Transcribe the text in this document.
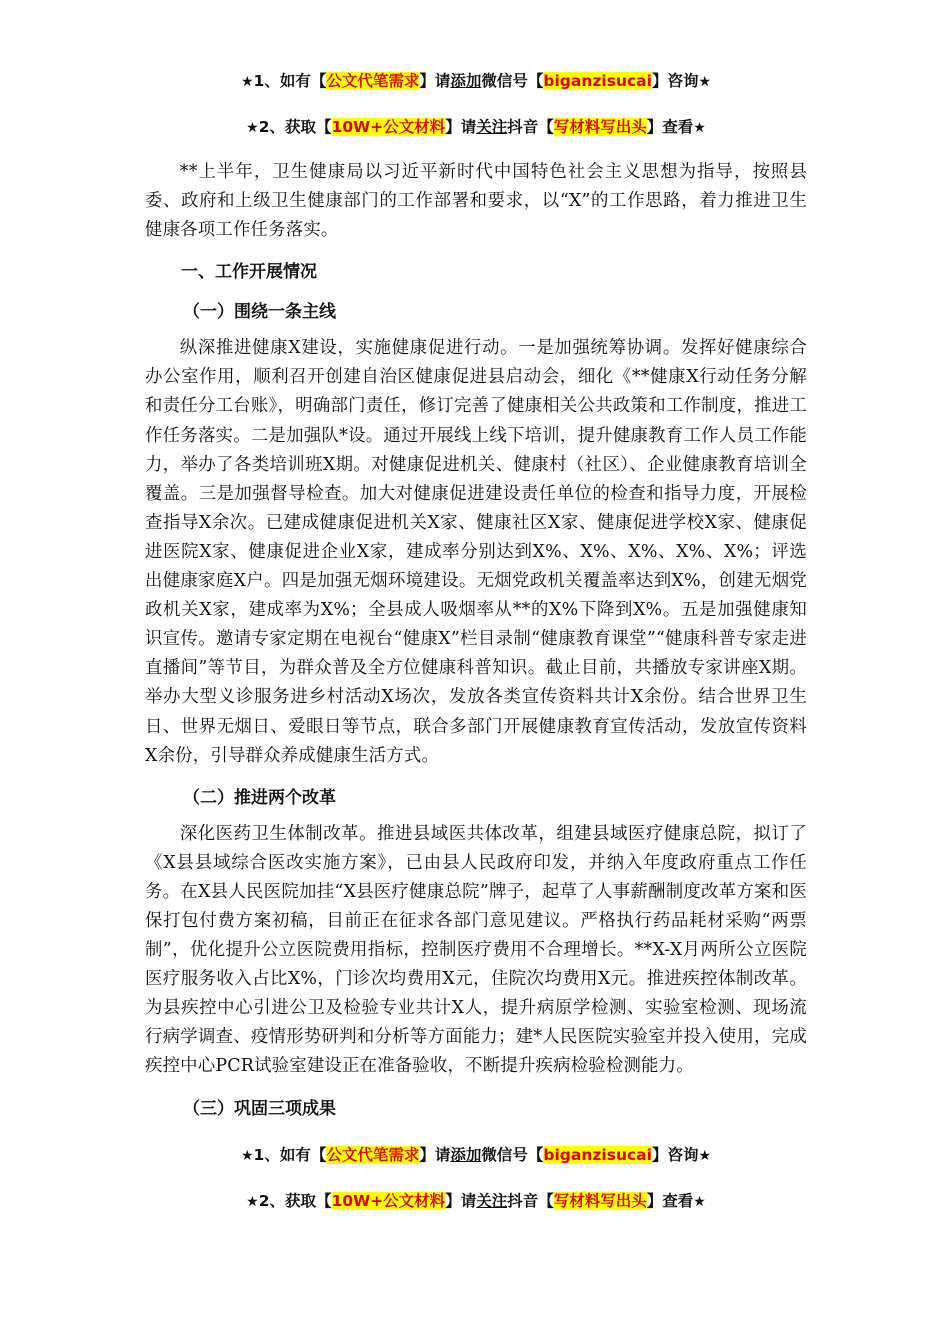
★1、如有【公文代笔需求】请添加微信号【biganzisucai】咨询★
★2、获取【10W+公文材料】请关注抖音【写材料写出头】查看★

**上半年，卫生健康局以习近平新时代中国特色社会主义思想为指导，按照县委、政府和上级卫生健康部门的工作部署和要求，以“X”的工作思路，着力推进卫生健康各项工作任务落实。

一、工作开展情况

（一）围绕一条主线

纵深推进健康X建设，实施健康促进行动。一是加强统筹协调。发挥好健康综合办公室作用，顺利召开创建自治区健康促进县启动会，细化《**健康X行动任务分解和责任分工台账》，明确部门责任，修订完善了健康相关公共政策和工作制度，推进工作任务落实。二是加强队*设。通过开展线上线下培训，提升健康教育工作人员工作能力，举办了各类培训班X期。对健康促进机关、健康村（社区）、企业健康教育培训全覆盖。三是加强督导检查。加大对健康促进建设责任单位的检查和指导力度，开展检查指导X余次。已建成健康促进机关X家、健康社区X家、健康促进学校X家、健康促进医院X家、健康促进企业X家，建成率分别达到X%、X%、X%、X%、X%；评选出健康家庭X户。四是加强无烟环境建设。无烟党政机关覆盖率达到X%，创建无烟党政机关X家，建成率为X%；全县成人吸烟率从**的X%下降到X%。五是加强健康知识宣传。邀请专家定期在电视台“健康X”栏目录制“健康教育课堂”“健康科普专家走进直播间”等节目，为群众普及全方位健康科普知识。截止目前，共播放专家讲座X期。举办大型义诊服务进乡村活动X场次，发放各类宣传资料共计X余份。结合世界卫生日、世界无烟日、爱眼日等节点，联合多部门开展健康教育宣传活动，发放宣传资料X余份，引导群众养成健康生活方式。

（二）推进两个改革

深化医药卫生体制改革。推进县域医共体改革，组建县域医疗健康总院，拟订了《X县县域综合医改实施方案》，已由县人民政府印发，并纳入年度政府重点工作任务。在X县人民医院加挂“X县医疗健康总院”牌子，起草了人事薪酬制度改革方案和医保打包付费方案初稿，目前正在征求各部门意见建议。严格执行药品耗材采购“两票制”，优化提升公立医院费用指标，控制医疗费用不合理增长。**X-X月两所公立医院医疗服务收入占比X%，门诊次均费用X元，住院次均费用X元。推进疾控体制改革。为县疾控中心引进公卫及检验专业共计X人，提升病原学检测、实验室检测、现场流行病学调查、疫情形势研判和分析等方面能力；建*人民医院实验室并投入使用，完成疾控中心PCR试验室建设正在准备验收，不断提升疾病检验检测能力。

（三）巩固三项成果

★1、如有【公文代笔需求】请添加微信号【biganzisucai】咨询★
★2、获取【10W+公文材料】请关注抖音【写材料写出头】查看★
